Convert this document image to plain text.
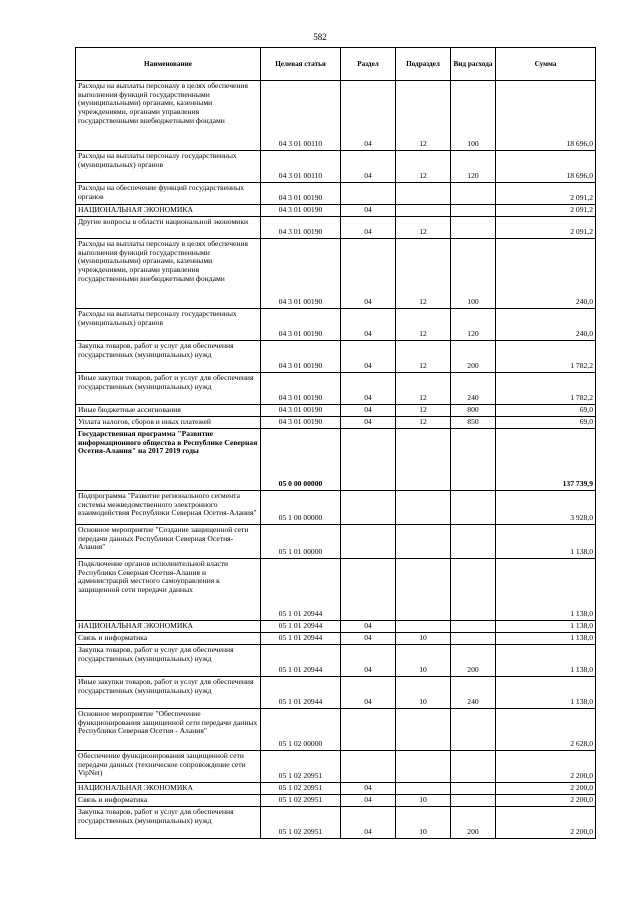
582
Наименование	Целевая статья	Раздел	Подраздел	Вид расхода	Сумма
Расходы на выплаты персоналу в целях обеспечения выполнения функций государственными (муниципальными) органами, казенными учреждениями, органами управления государственными внебюджетными фондами	04 3 01 00110	04	12	100	18 696,0
Расходы на выплаты персоналу государственных (муниципальных) органов	04 3 01 00110	04	12	120	18 696,0
Расходы на обеспечение функций государственных органов	04 3 01 00190				2 091,2
НАЦИОНАЛЬНАЯ ЭКОНОМИКА	04 3 01 00190	04			2 091,2
Другие вопросы в области национальной экономики	04 3 01 00190	04	12		2 091,2
Расходы на выплаты персоналу в целях обеспечения выполнения функций государственными (муниципальными) органами, казенными учреждениями, органами управления государственными внебюджетными фондами	04 3 01 00190	04	12	100	240,0
Расходы на выплаты персоналу государственных (муниципальных) органов	04 3 01 00190	04	12	120	240,0
Закупка товаров, работ и услуг для обеспечения государственных (муниципальных) нужд	04 3 01 00190	04	12	200	1 782,2
Иные закупки товаров, работ и услуг для обеспечения государственных (муниципальных) нужд	04 3 01 00190	04	12	240	1 782,2
Иные бюджетные ассигнования	04 3 01 00190	04	12	800	69,0
Уплата налогов, сборов и иных платежей	04 3 01 00190	04	12	850	69,0
Государственная программа "Развитие информационного общества в Республике Северная Осетия-Алания" на 2017 2019 годы	05 0 00 00000				137 739,9
Подпрограмма "Развитие регионального сегмента системы межведомственного электронного взаимодействия Республики Северная Осетия-Алания"	05 1 00 00000				3 928,0
Основное мероприятие "Создание защищенной сети передачи данных Республики Северная Осетия-Алания"	05 1 01 00000				1 138,0
Подключение органов исполнительной власти Республики Северная Осетия-Алания и администраций местного самоуправления к защищенной сети передачи данных	05 1 01 20944				1 138,0
НАЦИОНАЛЬНАЯ ЭКОНОМИКА	05 1 01 20944	04			1 138,0
Связь и информатика	05 1 01 20944	04	10		1 138,0
Закупка товаров, работ и услуг для обеспечения государственных (муниципальных) нужд	05 1 01 20944	04	10	200	1 138,0
Иные закупки товаров, работ и услуг для обеспечения государственных (муниципальных) нужд	05 1 01 20944	04	10	240	1 138,0
Основное мероприятие "Обеспечение функционирования защищенной сети передачи данных Республики Северная Осетия - Алания"	05 1 02 00000				2 628,0
Обеспечение функционирования защищенной сети передачи данных (техническое сопровождение сети VipNet)	05 1 02 20951				2 200,0
НАЦИОНАЛЬНАЯ ЭКОНОМИКА	05 1 02 20951	04			2 200,0
Связь и информатика	05 1 02 20951	04	10		2 200,0
Закупка товаров, работ и услуг для обеспечения государственных (муниципальных) нужд	05 1 02 20951	04	10	200	2 200,0
